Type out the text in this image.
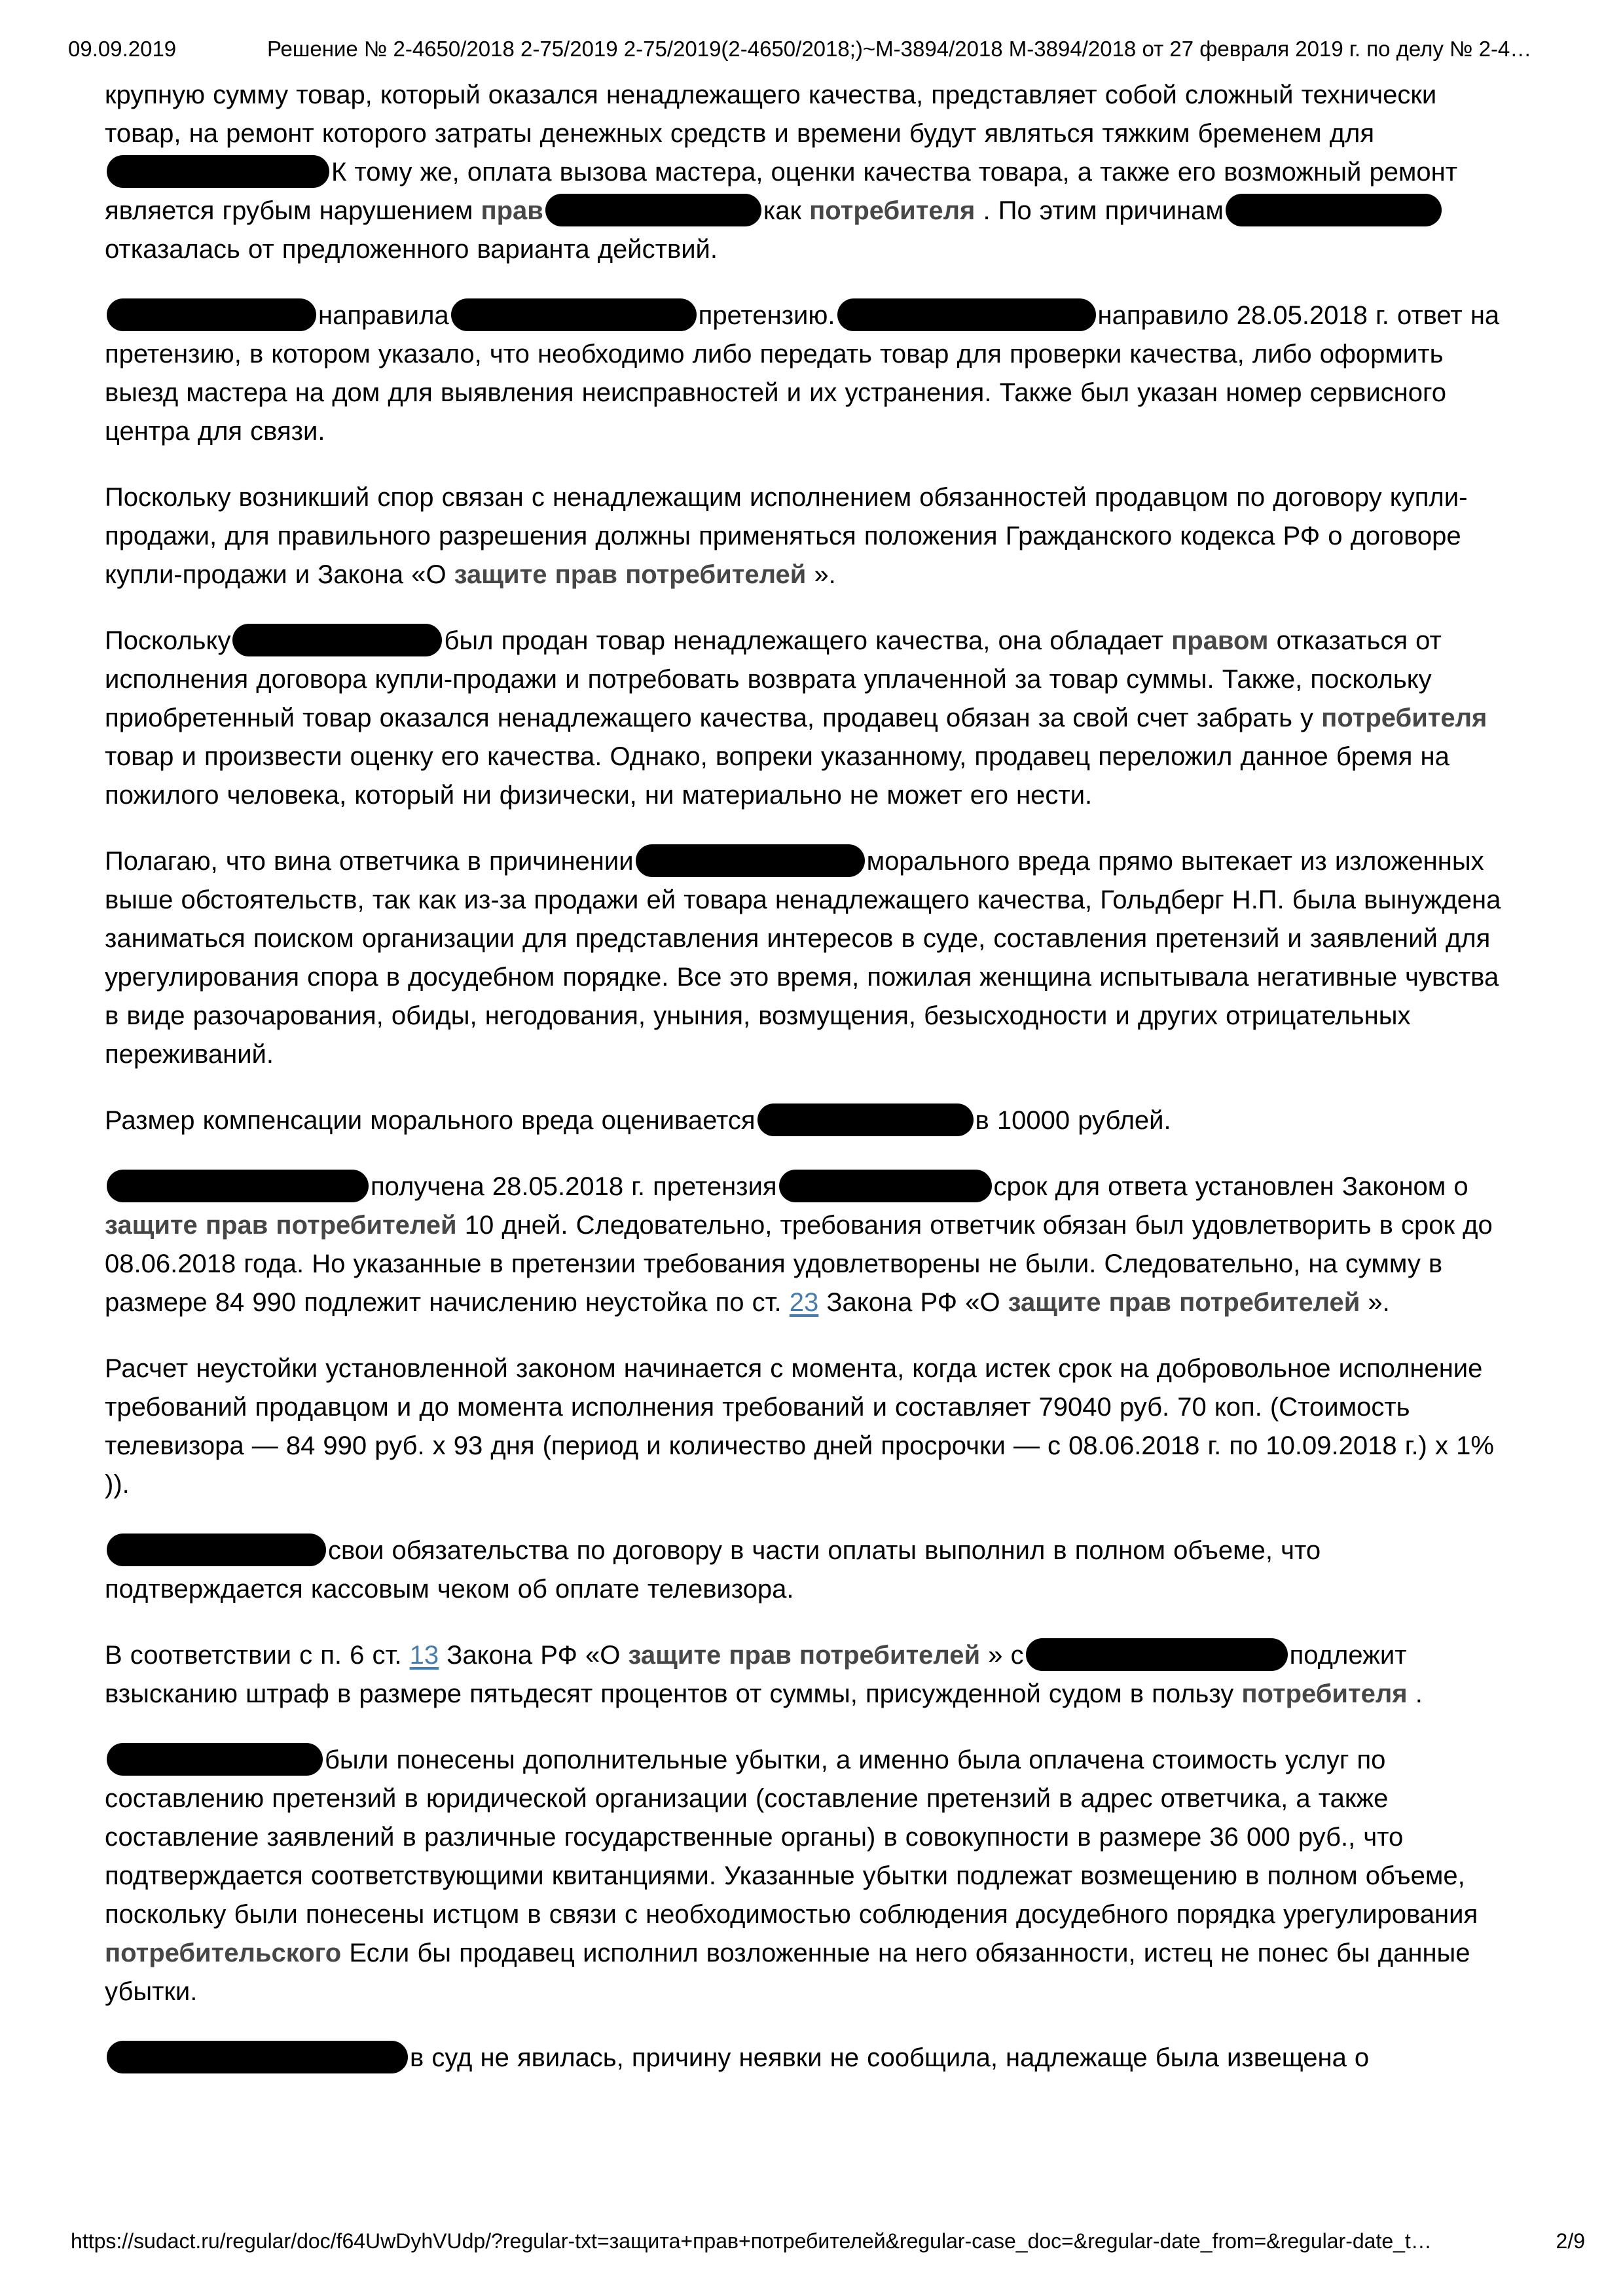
09.09.2019	Решение № 2-4650/2018 2-75/2019 2-75/2019(2-4650/2018;)~М-3894/2018 М-3894/2018 от 27 февраля 2019 г. по делу № 2-4…

крупную сумму товар, который оказался ненадлежащего качества, представляет собой сложный технически товар, на ремонт которого затраты денежных средств и времени будут являться тяжким бременем дляК тому же, оплата вызова мастера, оценки качества товара, а также его возможный ремонт является грубым нарушением прав	как потребителя . По этим причинамотказалась от предложенного варианта действий.

направила	претензию.	направило 28.05.2018 г. ответ на претензию, в котором указало, что необходимо либо передать товар для проверки качества, либо оформить выезд мастера на дом для выявления неисправностей и их устранения. Также был указан номер сервисного центра для связи.

Поскольку возникший спор связан с ненадлежащим исполнением обязанностей продавцом по договору купли-продажи, для правильного разрешения должны применяться положения Гражданского кодекса РФ о договоре купли-продажи и Закона «О защите прав потребителей ».

Поскольку	был продан товар ненадлежащего качества, она обладает правом отказаться от исполнения договора купли-продажи и потребовать возврата уплаченной за товар суммы. Также, поскольку приобретенный товар оказался ненадлежащего качества, продавец обязан за свой счет забрать у потребителя товар и произвести оценку его качества. Однако, вопреки указанному, продавец переложил данное бремя на пожилого человека, который ни физически, ни материально не может его нести.

Полагаю, что вина ответчика в причинении	морального вреда прямо вытекает из изложенных выше обстоятельств, так как из-за продажи ей товара ненадлежащего качества, Гольдберг Н.П. была вынуждена заниматься поиском организации для представления интересов в суде, составления претензий и заявлений для урегулирования спора в досудебном порядке. Все это время, пожилая женщина испытывала негативные чувства в виде разочарования, обиды, негодования, уныния, возмущения, безысходности и других отрицательных переживаний.

Размер компенсации морального вреда оценивается	в 10000 рублей.

получена 28.05.2018 г. претензия	срок для ответа установлен Законом о защите прав потребителей 10 дней. Следовательно, требования ответчик обязан был удовлетворить в срок до 08.06.2018 года. Но указанные в претензии требования удовлетворены не были. Следовательно, на сумму в размере 84 990 подлежит начислению неустойка по ст. 23 Закона РФ «О защите прав потребителей ».

Расчет неустойки установленной законом начинается с момента, когда истек срок на добровольное исполнение требований продавцом и до момента исполнения требований и составляет 79040 руб. 70 коп. (Стоимость телевизора — 84 990 руб. х 93 дня (период и количество дней просрочки — с 08.06.2018 г. по 10.09.2018 г.) х 1% )).

свои обязательства по договору в части оплаты выполнил в полном объеме, что подтверждается кассовым чеком об оплате телевизора.

В соответствии с п. 6 ст. 13 Закона РФ «О защите прав потребителей » с	подлежит взысканию штраф в размере пятьдесят процентов от суммы, присужденной судом в пользу потребителя .

были понесены дополнительные убытки, а именно была оплачена стоимость услуг по составлению претензий в юридической организации (составление претензий в адрес ответчика, а также составление заявлений в различные государственные органы) в совокупности в размере 36 000 руб., что подтверждается соответствующими квитанциями. Указанные убытки подлежат возмещению в полном объеме, поскольку были понесены истцом в связи с необходимостью соблюдения досудебного порядка урегулирования потребительского Если бы продавец исполнил возложенные на него обязанности, истец не понес бы данные убытки.

в суд не явилась, причину неявки не сообщила, надлежаще была извещена о

https://sudact.ru/regular/doc/f64UwDyhVUdp/?regular-txt=защита+прав+потребителей&regular-case_doc=&regular-date_from=&regular-date_t…	2/9
